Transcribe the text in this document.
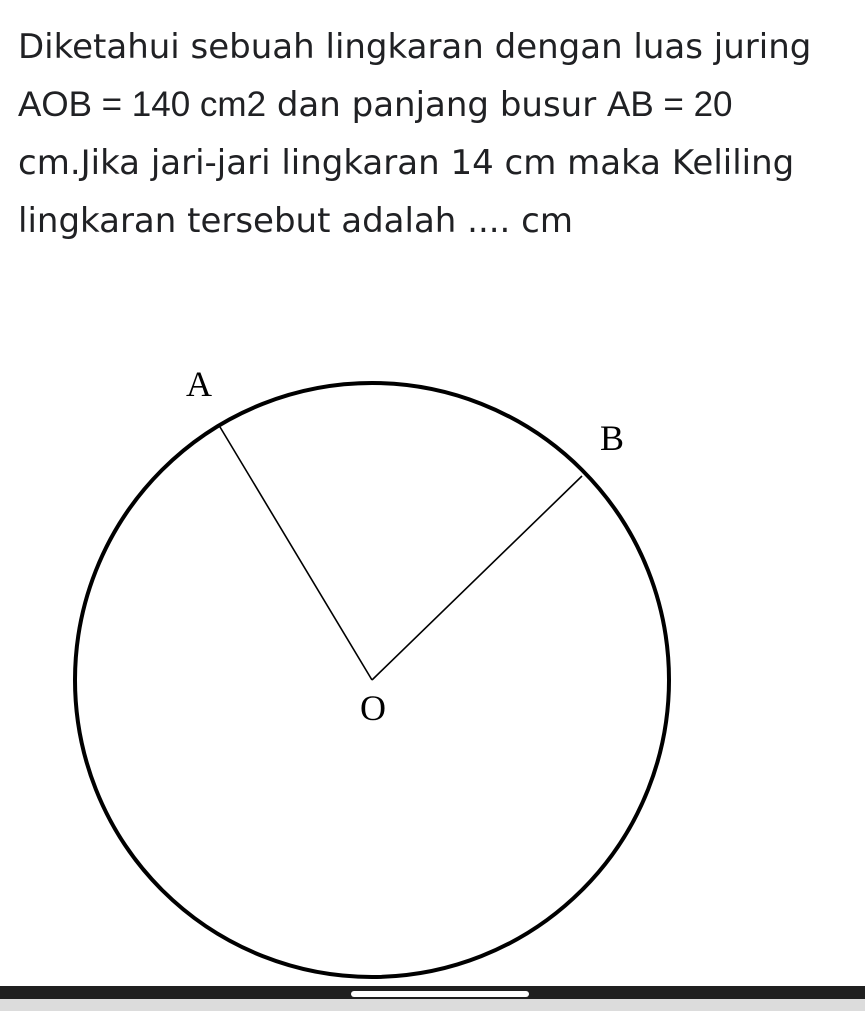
Diketahui sebuah lingkaran dengan luas juring
AOB = 140 cm2 dan panjang busur AB = 20
cm.Jika jari-jari lingkaran 14 cm maka Keliling
lingkaran tersebut adalah .... cm
A
B
O
